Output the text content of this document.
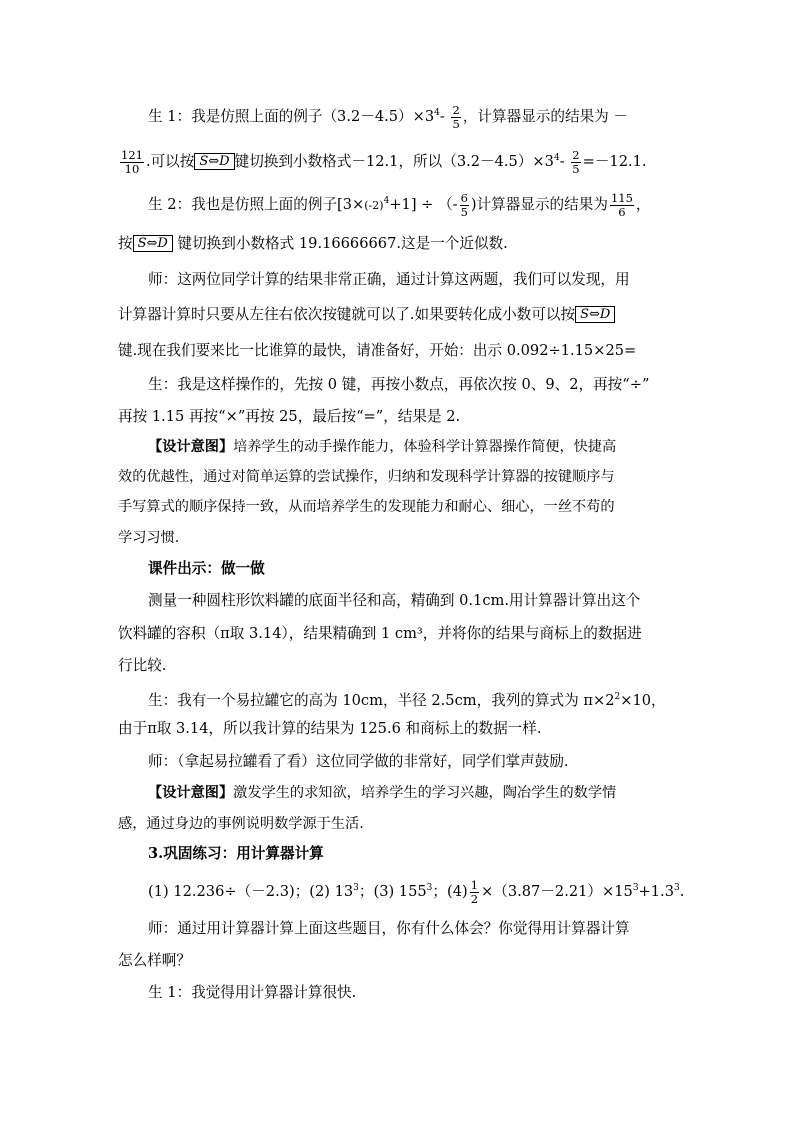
生 1：我是仿照上面的例子$(3.2-4.5)\times 3^4- \frac{2}{5}$ ，计算器显示的结果为 －
$\frac{121}{10}$ .可以按 S⇔D 键切换到小数格式－12.1，所以$(3.2-4.5)\times 3^4- \frac{2}{5} =-12.1$.
生 2：我也是仿照上面的例子$[3\times(-2)^4+1]$ ÷ （- $\frac{6}{5}$ )计算器显示的结果为 $\frac{115}{6}$ ，
按 S⇔D 键切换到小数格式 19.16666667.这是一个近似数.
师：这两位同学计算的结果非常正确，通过计算这两题，我们可以发现，用
计算器计算时只要从左往右依次按键就可以了.如果要转化成小数可以按 S⇔D
键.现在我们要来比一比谁算的最快，请准备好，开始：出示 0.092÷1.15×25=
生：我是这样操作的，先按 0 键，再按小数点，再依次按 0、9、2，再按“÷”
再按 1.15 再按“×”再按 25，最后按“=”，结果是 2.
【设计意图】培养学生的动手操作能力，体验科学计算器操作简便，快捷高
效的优越性，通过对简单运算的尝试操作，归纳和发现科学计算器的按键顺序与
手写算式的顺序保持一致，从而培养学生的发现能力和耐心、细心，一丝不苟的
学习习惯.
课件出示：做一做
测量一种圆柱形饮料罐的底面半径和高，精确到 0.1cm.用计算器计算出这个
饮料罐的容积（π取 3.14），结果精确到 1 cm³，并将你的结果与商标上的数据进
行比较.
生：我有一个易拉罐它的高为 10cm，半径 2.5cm，我列的算式为 $\pi\times 2^2\times 10$，
由于π取 3.14，所以我计算的结果为 125.6 和商标上的数据一样.
师：（拿起易拉罐看了看）这位同学做的非常好，同学们掌声鼓励.
【设计意图】激发学生的求知欲，培养学生的学习兴趣，陶冶学生的数学情
感，通过身边的事例说明数学源于生活.
3.巩固练习：用计算器计算
(1) 12.236÷（－2.3)；(2) $13^3$；(3) $155^3$；$(4) \frac{1}{2} \times(3.87-2.21)\times 15^3+1.3^3$.
师：通过用计算器计算上面这些题目，你有什么体会？你觉得用计算器计算
怎么样啊？
生 1：我觉得用计算器计算很快.
